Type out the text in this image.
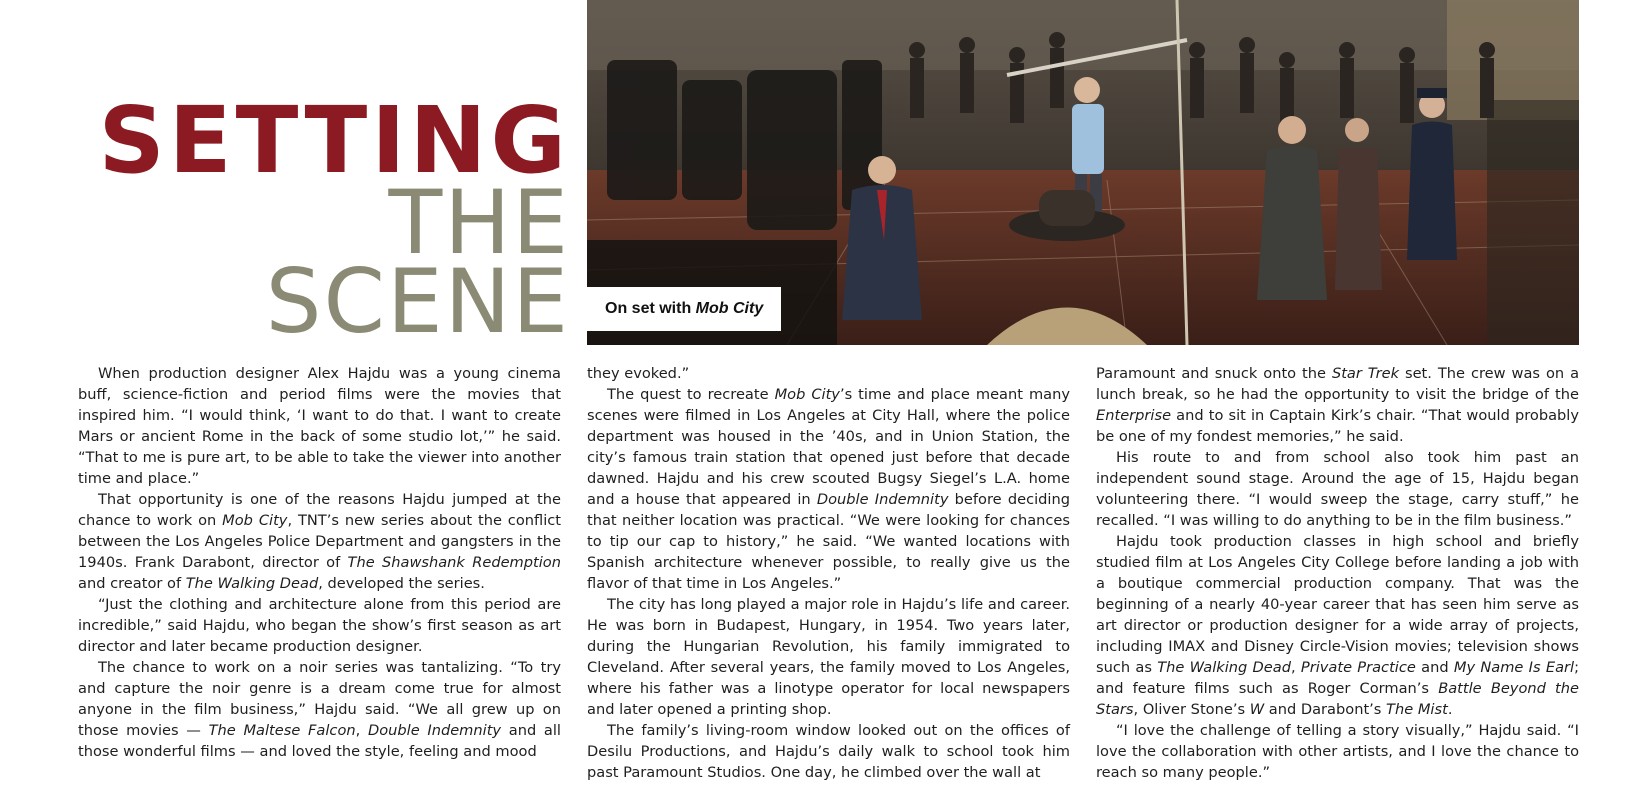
SETTING
THE
SCENE	On set with Mob City

When production designer Alex Hajdu was a young cinema buff, science-fiction and period films were the movies that inspired him. “I would think, ‘I want to do that. I want to create Mars or ancient Rome in the back of some studio lot,’” he said. “That to me is pure art, to be able to take the viewer into another time and place.”

That opportunity is one of the reasons Hajdu jumped at the chance to work on Mob City, TNT’s new series about the conflict between the Los Angeles Police Department and gangsters in the 1940s. Frank Darabont, director of The Shawshank Redemption and creator of The Walking Dead, developed the series.

“Just the clothing and architecture alone from this period are incredible,” said Hajdu, who began the show’s first season as art director and later became production designer.

The chance to work on a noir series was tantalizing. “To try and capture the noir genre is a dream come true for almost anyone in the film business,” Hajdu said. “We all grew up on those movies — The Maltese Falcon, Double Indemnity and all those wonderful films — and loved the style, feeling and mood

they evoked.”

The quest to recreate Mob City’s time and place meant many scenes were filmed in Los Angeles at City Hall, where the police department was housed in the ’40s, and in Union Station, the city’s famous train station that opened just before that decade dawned. Hajdu and his crew scouted Bugsy Siegel’s L.A. home and a house that appeared in Double Indemnity before deciding that neither location was practical. “We were looking for chances to tip our cap to history,” he said. “We wanted locations with Spanish architecture whenever possible, to really give us the flavor of that time in Los Angeles.”

The city has long played a major role in Hajdu’s life and career. He was born in Budapest, Hungary, in 1954. Two years later, during the Hungarian Revolution, his family immigrated to Cleveland. After several years, the family moved to Los Angeles, where his father was a linotype operator for local newspapers and later opened a printing shop.

The family’s living-room window looked out on the offices of Desilu Productions, and Hajdu’s daily walk to school took him past Paramount Studios. One day, he climbed over the wall at

Paramount and snuck onto the Star Trek set. The crew was on a lunch break, so he had the opportunity to visit the bridge of the Enterprise and to sit in Captain Kirk’s chair. “That would probably be one of my fondest memories,” he said.

His route to and from school also took him past an independent sound stage. Around the age of 15, Hajdu began volunteering there. “I would sweep the stage, carry stuff,” he recalled. “I was willing to do anything to be in the film business.”

Hajdu took production classes in high school and briefly studied film at Los Angeles City College before landing a job with a boutique commercial production company. That was the beginning of a nearly 40-year career that has seen him serve as art director or production designer for a wide array of projects, including IMAX and Disney Circle-Vision movies; television shows such as The Walking Dead, Private Practice and My Name Is Earl; and feature films such as Roger Corman’s Battle Beyond the Stars, Oliver Stone’s W and Darabont’s The Mist.

“I love the challenge of telling a story visually,” Hajdu said. “I love the collaboration with other artists, and I love the chance to reach so many people.”
